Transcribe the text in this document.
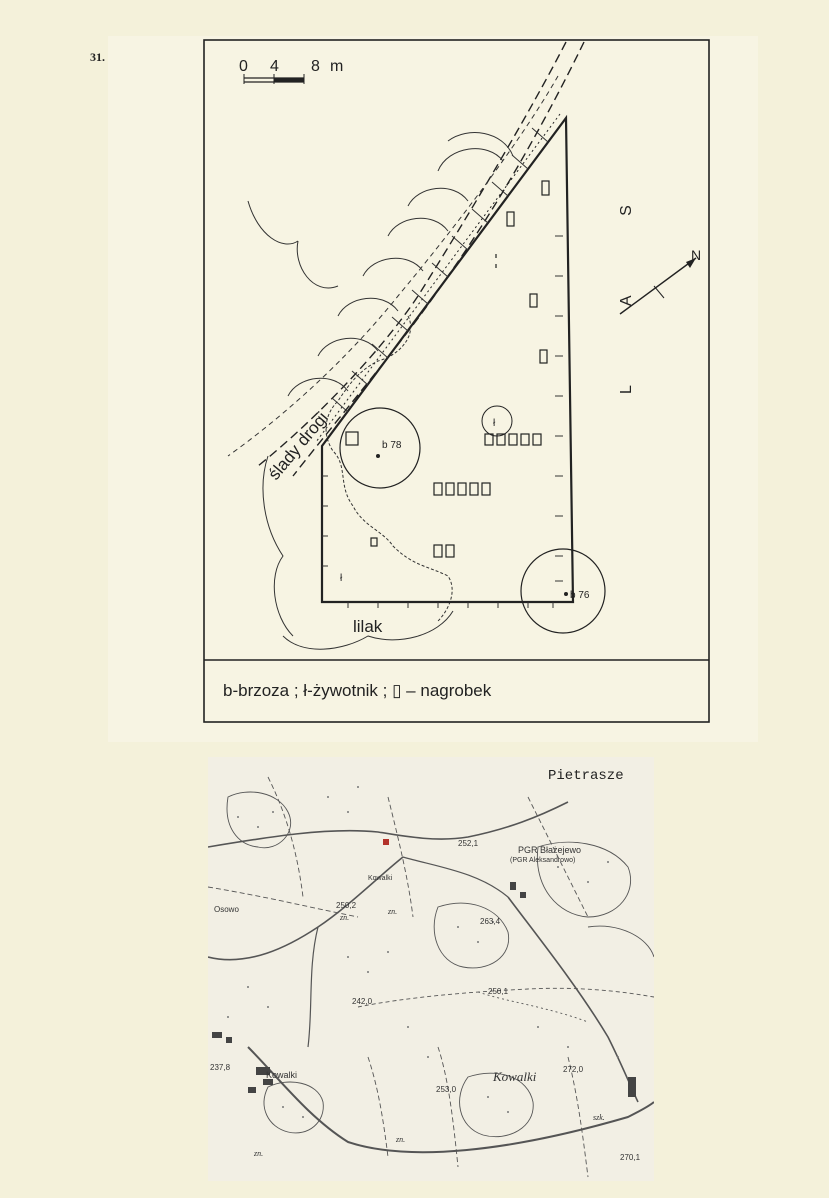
31.
0 4 8 m
b 78
b 76
ł
ł
N
L A S
ślady drogi
lilak
b-brzoza ; ł-żywotnik ; ▯ – nagrobek
Pietrasze
PGR Błażejewo
(PGR Aleksandrowo)
Kowalki
Osowo
Kowalki	Kowalki
zn.
zn.
zn.
zn.
szk.
252,1
250,2
263,4
242,0
250,1
237,8
253,0
272,0
270,1
